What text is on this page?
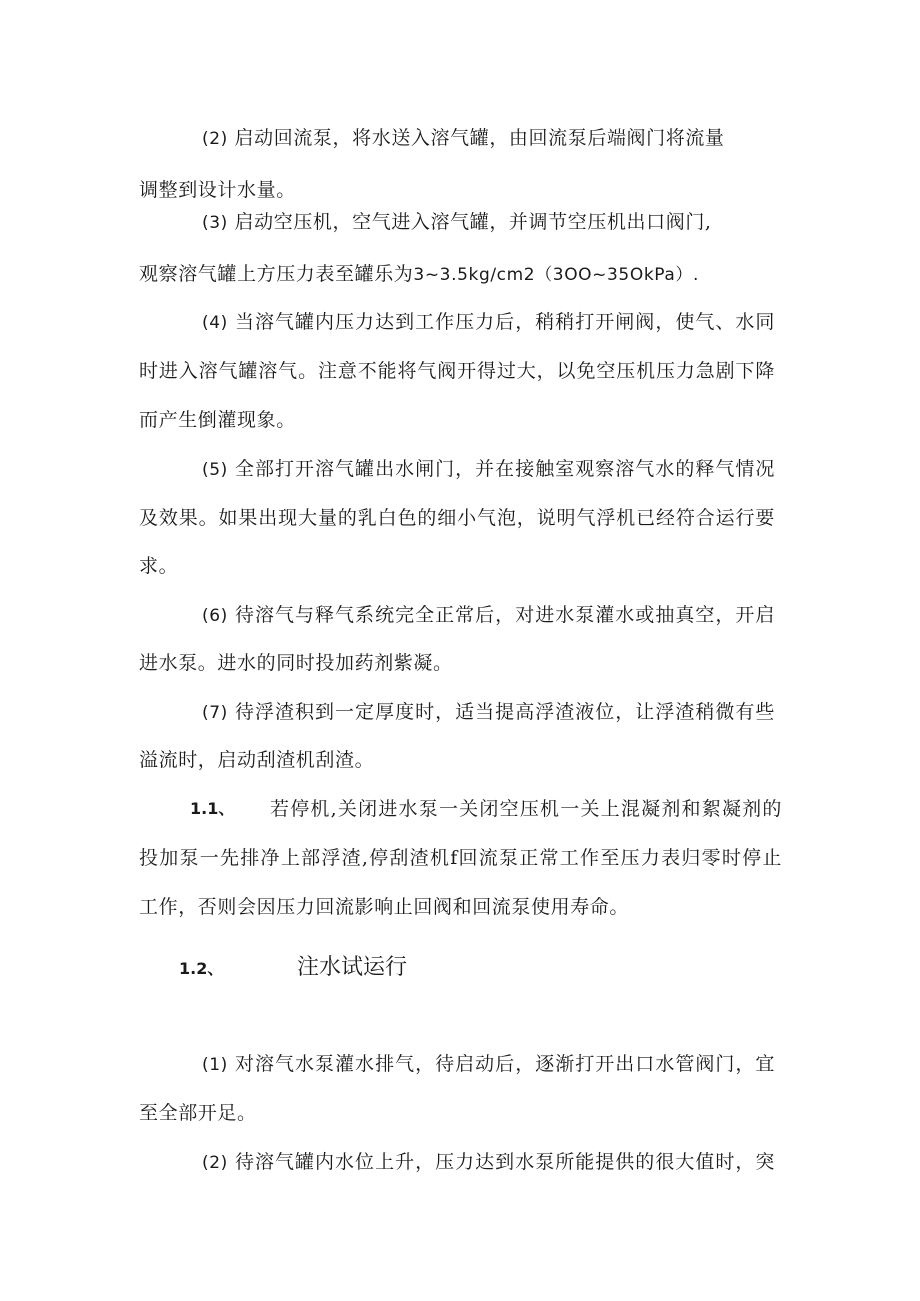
(2) 启动回流泵，将水送入溶气罐，由回流泵后端阀门将流量
调整到设计水量。
(3) 启动空压机，空气进入溶气罐，并调节空压机出口阀门,
观察溶气罐上方压力表至罐乐为3~3.5kg∕cm2（3OO~35OkPa）.
(4) 当溶气罐内压力达到工作压力后，稍稍打开闸阀，使气、水同
时进入溶气罐溶气。注意不能将气阀开得过大，以免空压机压力急剧下降
而产生倒灌现象。
(5) 全部打开溶气罐出水闸门，并在接触室观察溶气水的释气情况
及效果。如果出现大量的乳白色的细小气泡，说明气浮机已经符合运行要
求。
(6) 待溶气与释气系统完全正常后，对进水泵灌水或抽真空，开启
进水泵。进水的同时投加药剂紫凝。
(7) 待浮渣积到一定厚度时，适当提高浮渣液位，让浮渣稍微有些
溢流时，启动刮渣机刮渣。
1.1、 若停机,关闭进水泵一关闭空压机一关上混凝剂和絮凝剂的
投加泵一先排净上部浮渣,停刮渣机f回流泵正常工作至压力表归零时停止
工作，否则会因压力回流影响止回阀和回流泵使用寿命。
1.2、	注水试运行
(1) 对溶气水泵灌水排气，待启动后，逐渐打开出口水管阀门，宜
至全部开足。
(2) 待溶气罐内水位上升，压力达到水泵所能提供的很大值时，突
